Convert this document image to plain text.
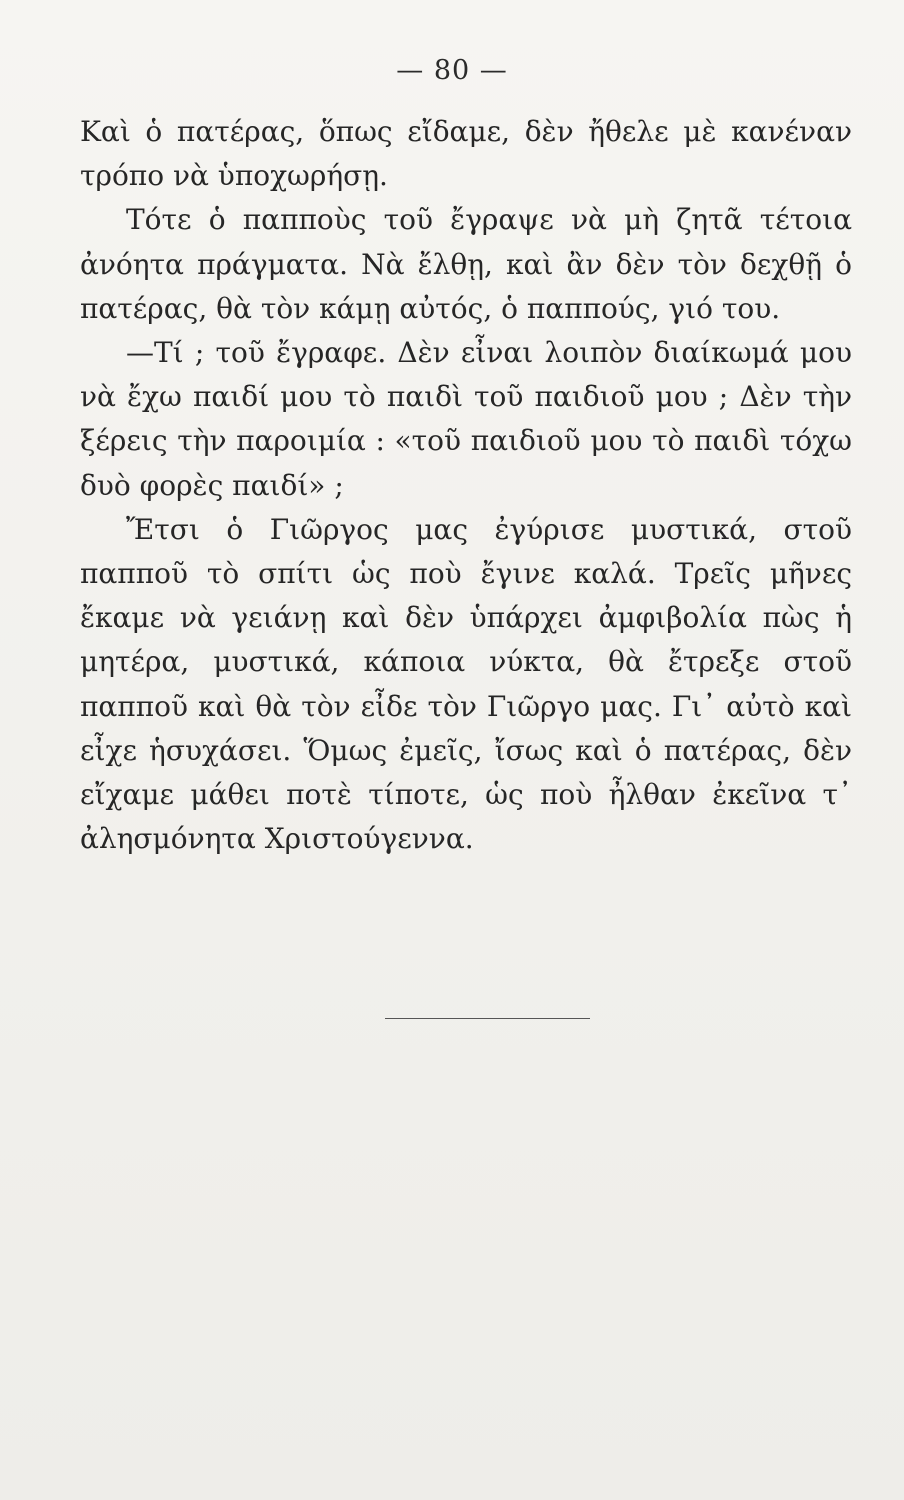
— 80 —

Καὶ ὁ πατέρας, ὅπως εἴδαμε, δὲν ἤθελε μὲ κανέναν τρόπο νὰ ὑποχωρήσῃ.

Τότε ὁ παπποὺς τοῦ ἔγραψε νὰ μὴ ζητᾶ τέτοια ἀνόητα πράγματα. Νὰ ἔλθῃ, καὶ ἂν δὲν τὸν δεχθῇ ὁ πατέρας, θὰ τὸν κάμῃ αὐτός, ὁ παππούς, γιό του.

—Τί ; τοῦ ἔγραφε. Δὲν εἶναι λοιπὸν διαίκωμά μου νὰ ἔχω παιδί μου τὸ παιδὶ τοῦ παιδιοῦ μου ; Δὲν τὴν ξέρεις τὴν παροιμία : «τοῦ παιδιοῦ μου τὸ παιδὶ τόχω δυὸ φορὲς παιδί» ;

Ἔτσι ὁ Γιῶργος μας ἐγύρισε μυστικά, στοῦ παπποῦ τὸ σπίτι ὡς ποὺ ἔγινε καλά. Τρεῖς μῆνες ἔκαμε νὰ γειάνῃ καὶ δὲν ὑπάρχει ἀμφιβολία πὼς ἡ μητέρα, μυστικά, κάποια νύκτα, θὰ ἔτρεξε στοῦ παπποῦ καὶ θὰ τὸν εἶδε τὸν Γιῶργο μας. Γι᾿ αὐτὸ καὶ εἶχε ἡσυχάσει. Ὅμως ἐμεῖς, ἴσως καὶ ὁ πατέρας, δὲν εἴχαμε μάθει ποτὲ τίποτε, ὡς ποὺ ἦλθαν ἐκεῖνα τ᾿ ἀλησμόνητα Χριστούγεννα.
